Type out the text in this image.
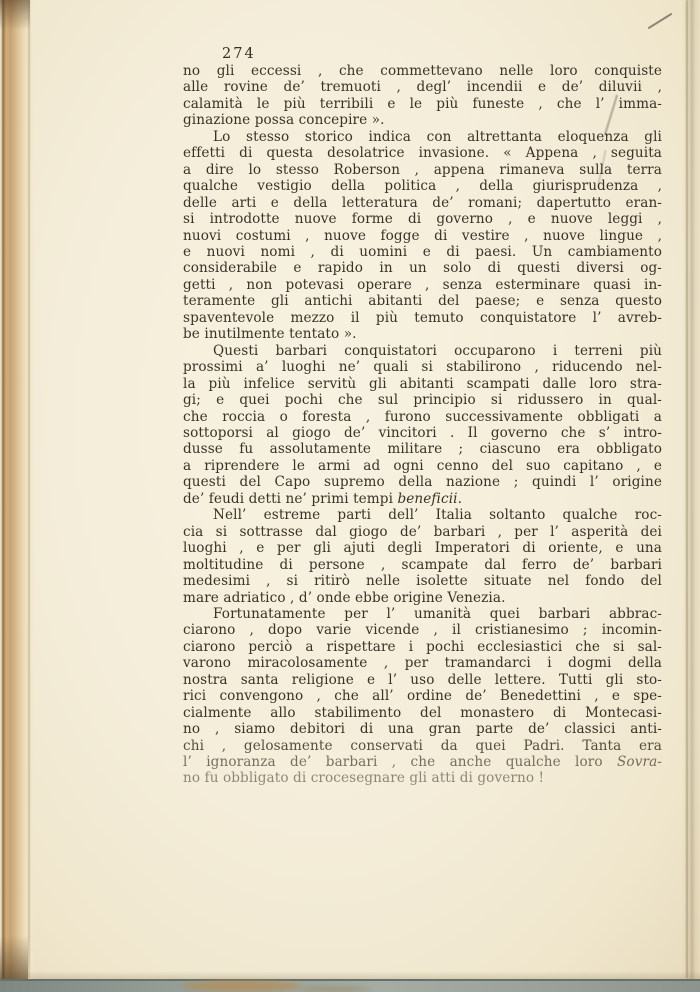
274
no gli eccessi , che commettevano nelle loro conquiste
alle rovine de’ tremuoti , degl’ incendii e de’ diluvii ,
calamità le più terribili e le più funeste , che l’ imma-
ginazione possa concepire ».
Lo stesso storico indica con altrettanta eloquenza gli
effetti di questa desolatrice invasione. « Appena , seguita
a dire lo stesso Roberson , appena rimaneva sulla terra
qualche vestigio della politica , della giurisprudenza ,
delle arti e della letteratura de’ romani; dapertutto eran-
si introdotte nuove forme di governo , e nuove leggi ,
nuovi costumi , nuove fogge di vestire , nuove lingue ,
e nuovi nomi , di uomini e di paesi. Un cambiamento
considerabile e rapido in un solo di questi diversi og-
getti , non potevasi operare , senza esterminare quasi in-
teramente gli antichi abitanti del paese; e senza questo
spaventevole mezzo il più temuto conquistatore l’ avreb-
be inutilmente tentato ».
Questi barbari conquistatori occuparono i terreni più
prossimi a’ luoghi ne’ quali si stabilirono , riducendo nel-
la più infelice servitù gli abitanti scampati dalle loro stra-
gi; e quei pochi che sul principio si ridussero in qual-
che roccia o foresta , furono successivamente obbligati a
sottoporsi al giogo de’ vincitori . Il governo che s’ intro-
dusse fu assolutamente militare ; ciascuno era obbligato
a riprendere le armi ad ogni cenno del suo capitano , e
questi del Capo supremo della nazione ; quindi l’ origine
de’ feudi detti ne’ primi tempi beneficii.
Nell’ estreme parti dell’ Italia soltanto qualche roc-
cia si sottrasse dal giogo de’ barbari , per l’ asperità dei
luoghi , e per gli ajuti degli Imperatori di oriente, e una
moltitudine di persone , scampate dal ferro de’ barbari
medesimi , si ritirò nelle isolette situate nel fondo del
mare adriatico , d’ onde ebbe origine Venezia.
Fortunatamente per l’ umanità quei barbari abbrac-
ciarono , dopo varie vicende , il cristianesimo ; incomin-
ciarono perciò a rispettare i pochi ecclesiastici che si sal-
varono miracolosamente , per tramandarci i dogmi della
nostra santa religione e l’ uso delle lettere. Tutti gli sto-
rici convengono , che all’ ordine de’ Benedettini , e spe-
cialmente allo stabilimento del monastero di Montecasi-
no , siamo debitori di una gran parte de’ classici anti-
chi , gelosamente conservati da quei Padri. Tanta era
l’ ignoranza de’ barbari , che anche qualche loro Sovra-
no fu obbligato di crocesegnare gli atti di governo !
